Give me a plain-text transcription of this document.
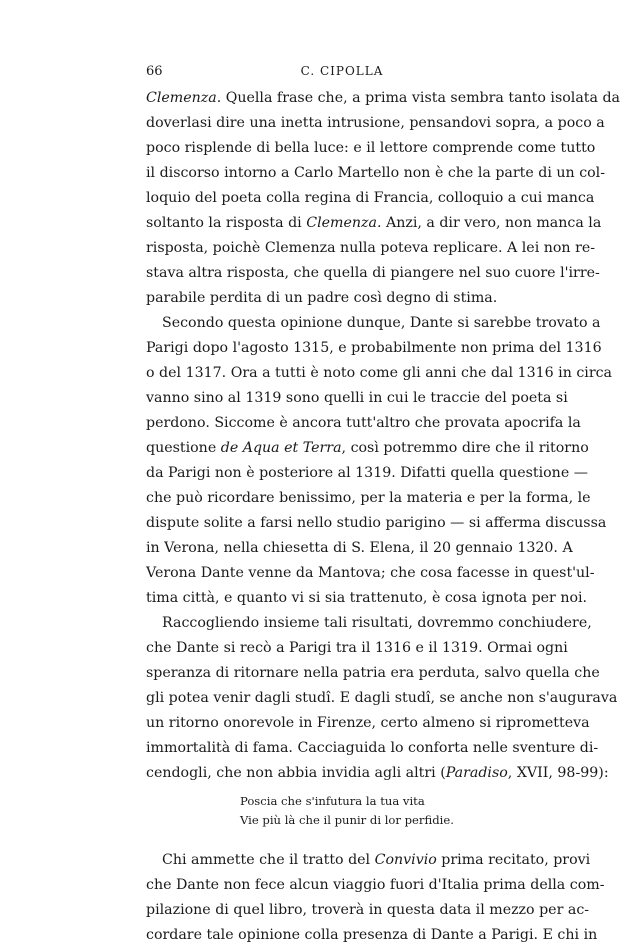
66	C. CIPOLLA
Clemenza. Quella frase che, a prima vista sembra tanto isolata da
doverlasi dire una inetta intrusione, pensandovi sopra, a poco a
poco risplende di bella luce: e il lettore comprende come tutto
il discorso intorno a Carlo Martello non è che la parte di un col-
loquio del poeta colla regina di Francia, colloquio a cui manca
soltanto la risposta di Clemenza. Anzi, a dir vero, non manca la
risposta, poichè Clemenza nulla poteva replicare. A lei non re-
stava altra risposta, che quella di piangere nel suo cuore l'irre-
parabile perdita di un padre così degno di stima.
Secondo questa opinione dunque, Dante si sarebbe trovato a
Parigi dopo l'agosto 1315, e probabilmente non prima del 1316
o del 1317. Ora a tutti è noto come gli anni che dal 1316 in circa
vanno sino al 1319 sono quelli in cui le traccie del poeta si
perdono. Siccome è ancora tutt'altro che provata apocrifa la
questione de Aqua et Terra, così potremmo dire che il ritorno
da Parigi non è posteriore al 1319. Difatti quella questione —
che può ricordare benissimo, per la materia e per la forma, le
dispute solite a farsi nello studio parigino — si afferma discussa
in Verona, nella chiesetta di S. Elena, il 20 gennaio 1320. A
Verona Dante venne da Mantova; che cosa facesse in quest'ul-
tima città, e quanto vi si sia trattenuto, è cosa ignota per noi.
Raccogliendo insieme tali risultati, dovremmo conchiudere,
che Dante si recò a Parigi tra il 1316 e il 1319. Ormai ogni
speranza di ritornare nella patria era perduta, salvo quella che
gli potea venir dagli studî. E dagli studî, se anche non s'augurava
un ritorno onorevole in Firenze, certo almeno si riprometteva
immortalità di fama. Cacciaguida lo conforta nelle sventure di-
cendogli, che non abbia invidia agli altri (Paradiso, XVII, 98-99):
Poscia che s'infutura la tua vita
Vie più là che il punir di lor perfidie.
Chi ammette che il tratto del Convivio prima recitato, provi
che Dante non fece alcun viaggio fuori d'Italia prima della com-
pilazione di quel libro, troverà in questa data il mezzo per ac-
cordare tale opinione colla presenza di Dante a Parigi. E chi in
